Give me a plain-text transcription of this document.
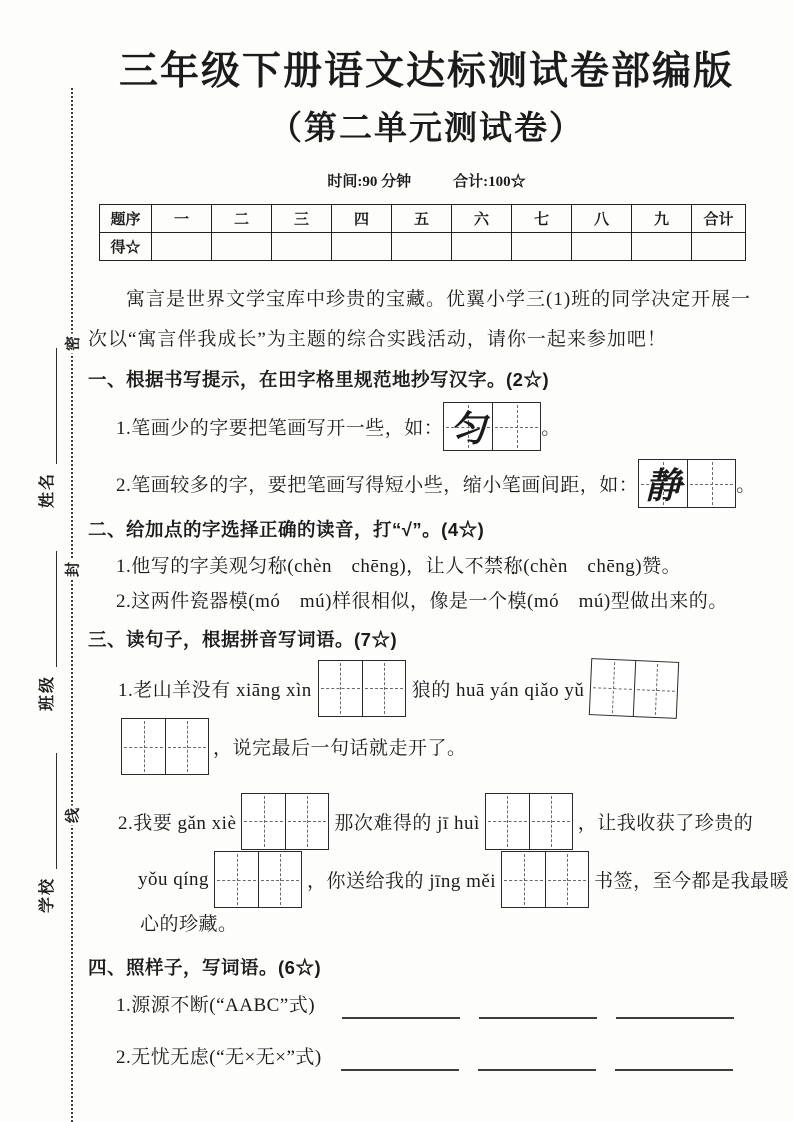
密
封
线
姓名
班级
学校
三年级下册语文达标测试卷部编版
（第二单元测试卷）
时间:90 分钟	合计:100☆
题序	一	二	三	四	五	六	七	八	九	合计
得☆										
寓言是世界文学宝库中珍贵的宝藏。优翼小学三(1)班的同学决定开展一
次以“寓言伴我成长”为主题的综合实践活动，请你一起来参加吧！
一、根据书写提示，在田字格里规范地抄写汉字。(2☆)
1.笔画少的字要把笔画写开一些，如： 匀	。
2.笔画较多的字，要把笔画写得短小些，缩小笔画间距，如： 静	。
二、给加点的字选择正确的读音，打“√”。(4☆)
1.他写的字美观匀称 •(chèn　chēng)，让人不禁称 •(chèn　chēng)赞。
2.这两件瓷器模 •(mó　mú)样很相似，像是一个模 •(mó　mú)型做出来的。
三、读句子，根据拼音写词语。(7☆)
1.老山羊没有 xiāng xìn	狼的 huā yán qiǎo yǔ
，说完最后一句话就走开了。
2.我要 gǎn xiè	那次难得的 jī huì	，让我收获了珍贵的
yǒu qíng	，你送给我的 jīng měi	书签，至今都是我最暖
心的珍藏。
四、照样子，写词语。(6☆)
1.源源不断(“AABC”式)
2.无忧无虑(“无×无×”式)
